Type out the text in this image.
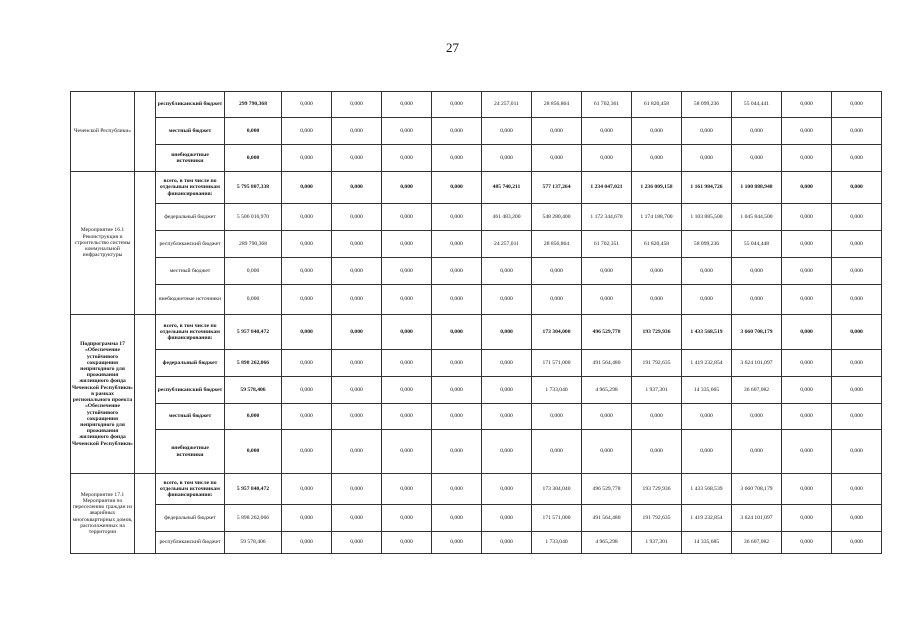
27
Чеченской Республики»		республиканский бюджет	299 790,368	0,000	0,000	0,000	0,000	24 257,011	28 856,864	61 702,361	61 820,458	58 099,236	55 044,441	0,000	0,000
		местный бюджет	0,000	0,000	0,000	0,000	0,000	0,000	0,000	0,000	0,000	0,000	0,000	0,000	0,000
		внебюджетные источники	0,000	0,000	0,000	0,000	0,000	0,000	0,000	0,000	0,000	0,000	0,000	0,000	0,000
Мероприятие 16.1 Реконструкция и строительство системы коммунальной инфраструктуры		всего, в том числе по отдельным источникам финансирования:	5 795 807,338	0,000	0,000	0,000	0,000	485 740,211	577 137,264	1 234 047,021	1 236 009,158	1 161 984,726	1 100 888,948	0,000	0,000
		федеральный бюджет	5 506 016,970	0,000	0,000	0,000	0,000	461 483,200	548 280,400	1 172 344,670	1 174 188,700	1 103 885,500	1 045 844,500	0,000	0,000
		республиканский бюджет	289 790,368	0,000	0,000	0,000	0,000	24 257,011	28 856,864	61 702,351	61 820,458	58 099,236	55 044,448	0,000	0,000
		местный бюджет	0,000	0,000	0,000	0,000	0,000	0,000	0,000	0,000	0,000	0,000	0,000	0,000	0,000
		внебюджетные источники	0,000	0,000	0,000	0,000	0,000	0,000	0,000	0,000	0,000	0,000	0,000	0,000	0,000
Подпрограмма 17 «Обеспечение устойчивого сокращения непригодного для проживания жилищного фонда Чеченской Республики» в рамках регионального проекта «Обеспечение устойчивого сокращения непригодного для проживания жилищного фонда Чеченской Республики»		всего, в том числе по отдельным источникам финансирования:	5 957 840,472	0,000	0,000	0,000	0,000	0,000	173 304,000	496 529,778	193 729,936	1 433 568,519	3 660 708,179	0,000	0,000
		федеральный бюджет	5 898 262,066	0,000	0,000	0,000	0,000	0,000	171 571,000	491 564,480	191 792,635	1 419 232,854	3 624 101,097	0,000	0,000
		республиканский бюджет	59 578,406	0,000	0,000	0,000	0,000	0,000	1 733,040	4 965,298	1 937,301	14 335,665	36 607,082	0,000	0,000
		местный бюджет	0,000	0,000	0,000	0,000	0,000	0,000	0,000	0,000	0,000	0,000	0,000	0,000	0,000
		внебюджетные источники	0,000	0,000	0,000	0,000	0,000	0,000	0,000	0,000	0,000	0,000	0,000	0,000	0,000
Мероприятие 17.1 Мероприятия по переселению граждан из аварийных многоквартирных домов, расположенных на территории		всего, в том числе по отдельным источникам финансирования:	5 957 840,472	0,000	0,000	0,000	0,000	0,000	173 304,040	496 529,778	193 729,936	1 433 568,539	3 660 708,179	0,000	0,000
		федеральный бюджет	5 898 262,066	0,000	0,000	0,000	0,000	0,000	171 571,000	491 564,480	191 792,635	1 419 232,854	3 624 101,097	0,000	0,000
		республиканский бюджет	59 578,406	0,000	0,000	0,000	0,000	0,000	1 733,040	4 965,298	1 937,301	14 335,685	36 607,082	0,000	0,000
